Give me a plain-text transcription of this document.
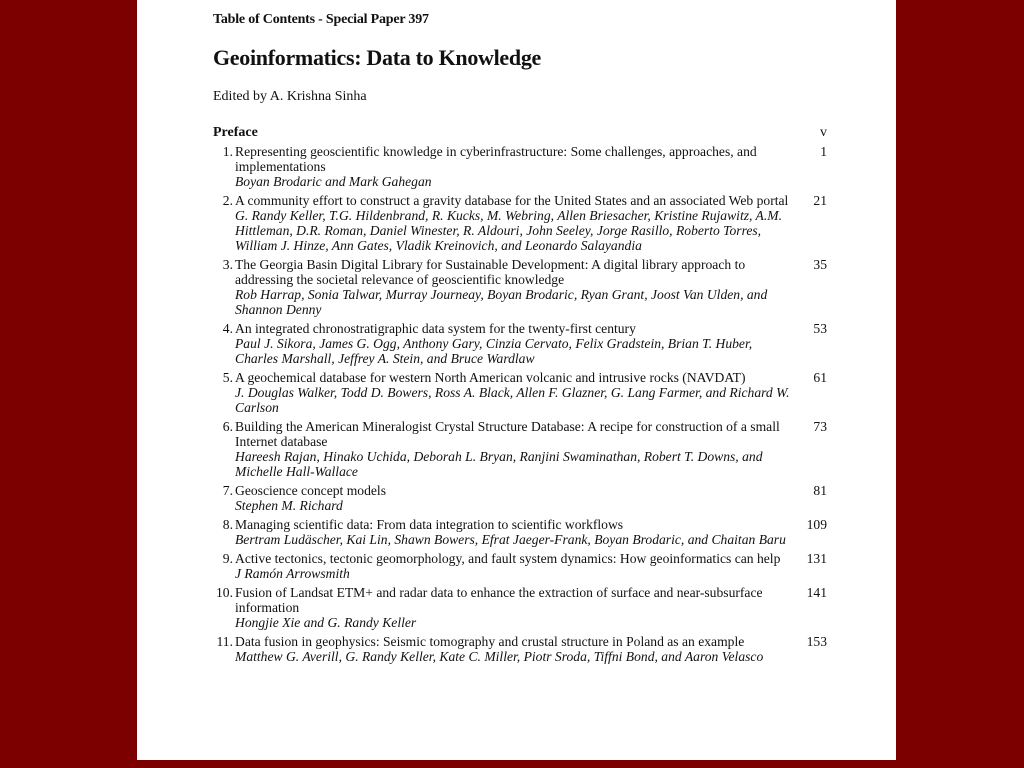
Table of Contents - Special Paper 397
Geoinformatics: Data to Knowledge
Edited by A. Krishna Sinha
Preface	v
1. Representing geoscientific knowledge in cyberinfrastructure: Some challenges, approaches, and implementations
Boyan Brodaric and Mark Gahegan
1
2. A community effort to construct a gravity database for the United States and an associated Web portal
G. Randy Keller, T.G. Hildenbrand, R. Kucks, M. Webring, Allen Briesacher, Kristine Rujawitz, A.M. Hittleman, D.R. Roman, Daniel Winester, R. Aldouri, John Seeley, Jorge Rasillo, Roberto Torres, William J. Hinze, Ann Gates, Vladik Kreinovich, and Leonardo Salayandia
21
3. The Georgia Basin Digital Library for Sustainable Development: A digital library approach to addressing the societal relevance of geoscientific knowledge
Rob Harrap, Sonia Talwar, Murray Journeay, Boyan Brodaric, Ryan Grant, Joost Van Ulden, and Shannon Denny
35
4. An integrated chronostratigraphic data system for the twenty-first century
Paul J. Sikora, James G. Ogg, Anthony Gary, Cinzia Cervato, Felix Gradstein, Brian T. Huber, Charles Marshall, Jeffrey A. Stein, and Bruce Wardlaw
53
5. A geochemical database for western North American volcanic and intrusive rocks (NAVDAT)
J. Douglas Walker, Todd D. Bowers, Ross A. Black, Allen F. Glazner, G. Lang Farmer, and Richard W. Carlson
61
6. Building the American Mineralogist Crystal Structure Database: A recipe for construction of a small Internet database
Hareesh Rajan, Hinako Uchida, Deborah L. Bryan, Ranjini Swaminathan, Robert T. Downs, and Michelle Hall-Wallace
73
7. Geoscience concept models
Stephen M. Richard
81
8. Managing scientific data: From data integration to scientific workflows
Bertram Ludäscher, Kai Lin, Shawn Bowers, Efrat Jaeger-Frank, Boyan Brodaric, and Chaitan Baru
109
9. Active tectonics, tectonic geomorphology, and fault system dynamics: How geoinformatics can help
J Ramón Arrowsmith
131
10. Fusion of Landsat ETM+ and radar data to enhance the extraction of surface and near-subsurface information
Hongjie Xie and G. Randy Keller
141
11. Data fusion in geophysics: Seismic tomography and crustal structure in Poland as an example
Matthew G. Averill, G. Randy Keller, Kate C. Miller, Piotr Sroda, Tiffni Bond, and Aaron Velasco
153
